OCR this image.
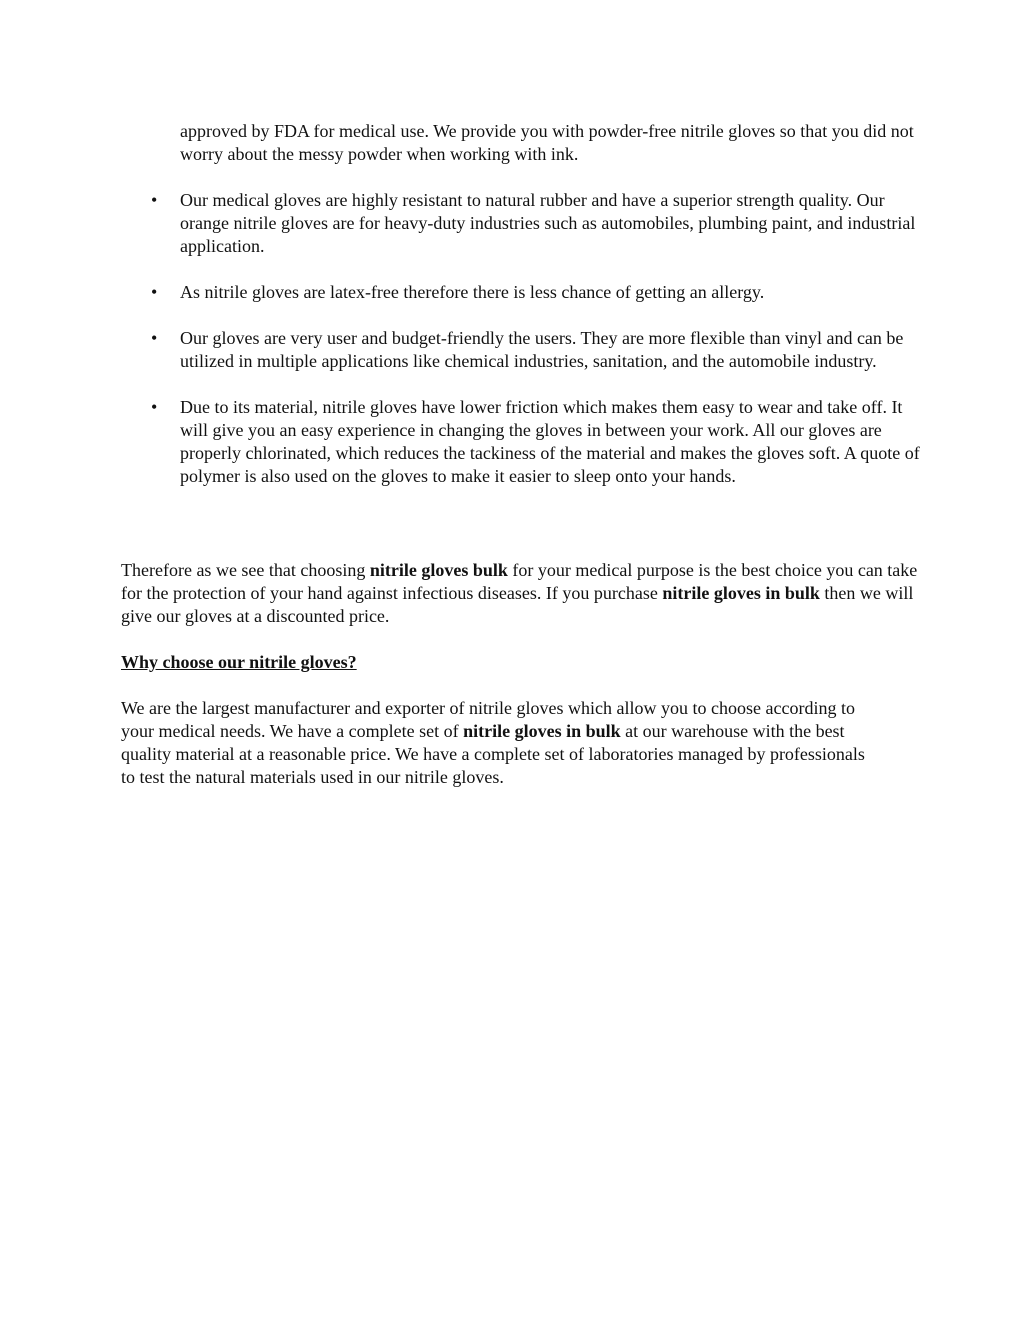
approved by FDA for medical use. We provide you with powder-free nitrile gloves so that you did not worry about the messy powder when working with ink.

• Our medical gloves are highly resistant to natural rubber and have a superior strength quality. Our orange nitrile gloves are for heavy-duty industries such as automobiles, plumbing paint, and industrial application.
• As nitrile gloves are latex-free therefore there is less chance of getting an allergy.
• Our gloves are very user and budget-friendly the users. They are more flexible than vinyl and can be utilized in multiple applications like chemical industries, sanitation, and the automobile industry.
• Due to its material, nitrile gloves have lower friction which makes them easy to wear and take off. It will give you an easy experience in changing the gloves in between your work. All our gloves are properly chlorinated, which reduces the tackiness of the material and makes the gloves soft. A quote of polymer is also used on the gloves to make it easier to sleep onto your hands.

Therefore as we see that choosing nitrile gloves bulk for your medical purpose is the best choice you can take for the protection of your hand against infectious diseases. If you purchase nitrile gloves in bulk then we will give our gloves at a discounted price.

Why choose our nitrile gloves?

We are the largest manufacturer and exporter of nitrile gloves which allow you to choose according to your medical needs. We have a complete set of nitrile gloves in bulk at our warehouse with the best quality material at a reasonable price. We have a complete set of laboratories managed by professionals to test the natural materials used in our nitrile gloves.
